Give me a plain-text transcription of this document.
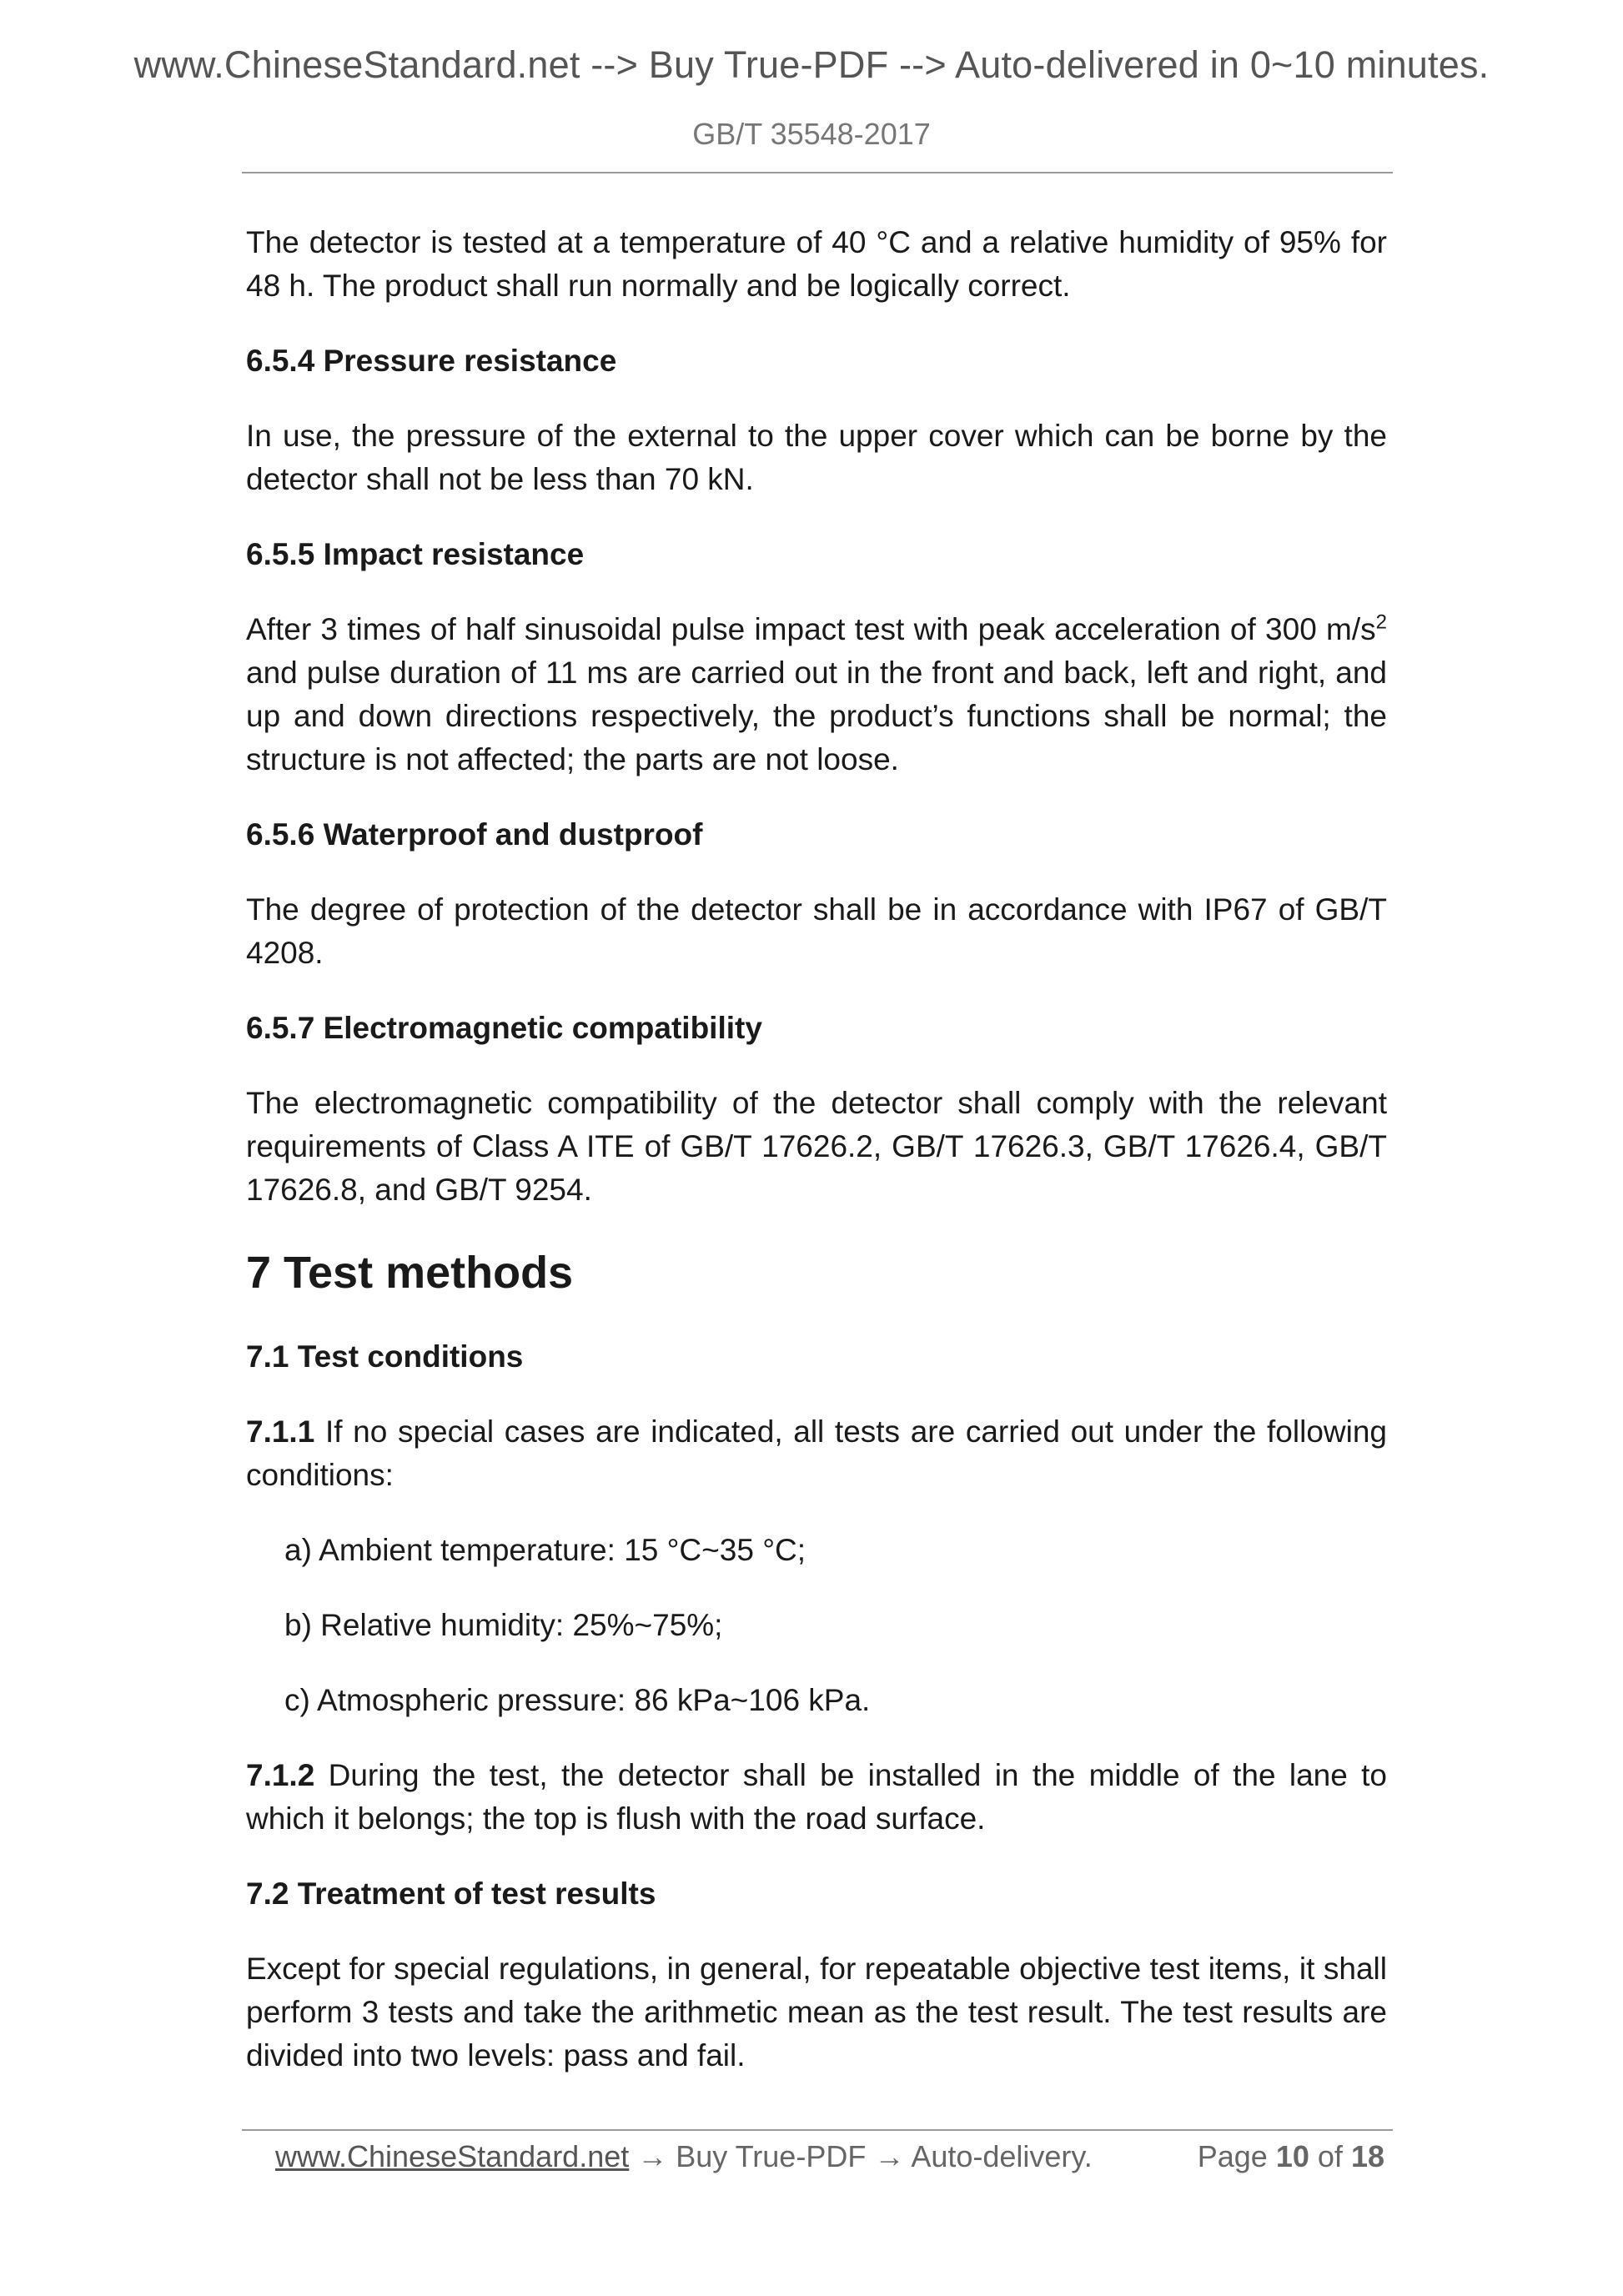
www.ChineseStandard.net --> Buy True-PDF --> Auto-delivered in 0~10 minutes.
GB/T 35548-2017

The detector is tested at a temperature of 40 °C and a relative humidity of 95% for 48 h. The product shall run normally and be logically correct.

6.5.4 Pressure resistance

In use, the pressure of the external to the upper cover which can be borne by the detector shall not be less than 70 kN.

6.5.5 Impact resistance

After 3 times of half sinusoidal pulse impact test with peak acceleration of 300 $m/s^2$ and pulse duration of 11 ms are carried out in the front and back, left and right, and up and down directions respectively, the product’s functions shall be normal; the structure is not affected; the parts are not loose.

6.5.6 Waterproof and dustproof

The degree of protection of the detector shall be in accordance with IP67 of GB/T 4208.

6.5.7 Electromagnetic compatibility

The electromagnetic compatibility of the detector shall comply with the relevant requirements of Class A ITE of GB/T 17626.2, GB/T 17626.3, GB/T 17626.4, GB/T 17626.8, and GB/T 9254.

7 Test methods
7.1 Test conditions

7.1.1 If no special cases are indicated, all tests are carried out under the following conditions:

a) Ambient temperature: 15 °C~35 °C;
b) Relative humidity: 25%~75%;
c) Atmospheric pressure: 86 kPa~106 kPa.

7.1.2 During the test, the detector shall be installed in the middle of the lane to which it belongs; the top is flush with the road surface.

7.2 Treatment of test results

Except for special regulations, in general, for repeatable objective test items, it shall perform 3 tests and take the arithmetic mean as the test result. The test results are divided into two levels: pass and fail.

www.ChineseStandard.net → Buy True-PDF → Auto-delivery.	Page 10 of 18
